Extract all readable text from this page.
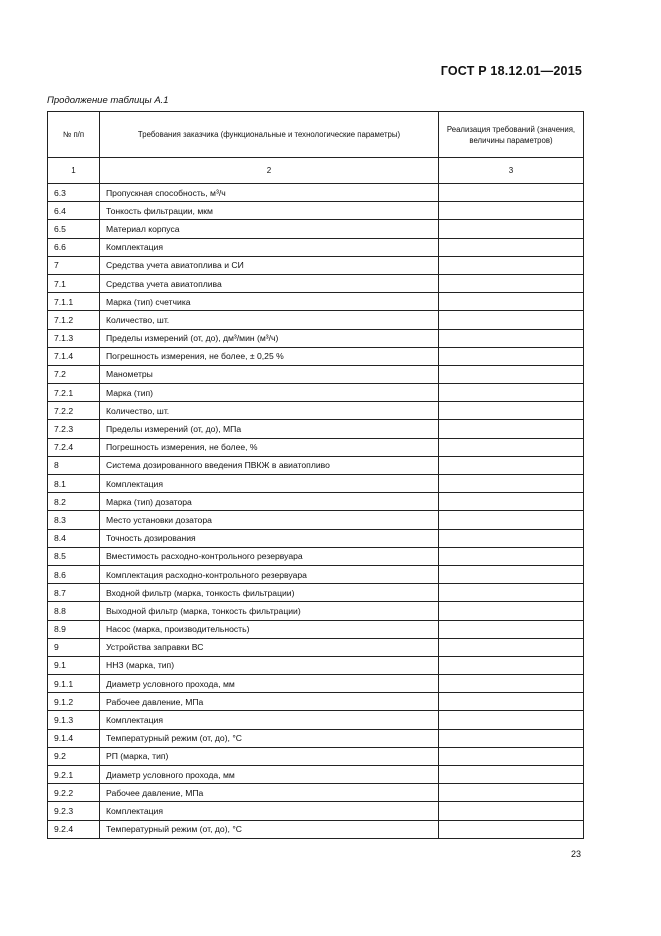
ГОСТ Р 18.12.01—2015
Продолжение таблицы А.1
№ п/п	Требования заказчика (функциональные и технологические параметры)	Реализация требований (значения, величины параметров)
1	2	3
6.3	Пропускная способность, м³/ч	
6.4	Тонкость фильтрации, мкм	
6.5	Материал корпуса	
6.6	Комплектация	
7	Средства учета авиатоплива и СИ	
7.1	Средства учета авиатоплива	
7.1.1	Марка (тип) счетчика	
7.1.2	Количество, шт.	
7.1.3	Пределы измерений (от, до), дм³/мин (м³/ч)	
7.1.4	Погрешность измерения, не более, ± 0,25 %	
7.2	Манометры	
7.2.1	Марка (тип)	
7.2.2	Количество, шт.	
7.2.3	Пределы измерений (от, до), МПа	
7.2.4	Погрешность измерения, не более, %	
8	Система дозированного введения ПВКЖ в авиатопливо	
8.1	Комплектация	
8.2	Марка (тип) дозатора	
8.3	Место установки дозатора	
8.4	Точность дозирования	
8.5	Вместимость расходно-контрольного резервуара	
8.6	Комплектация расходно-контрольного резервуара	
8.7	Входной фильтр (марка, тонкость фильтрации)	
8.8	Выходной фильтр (марка, тонкость фильтрации)	
8.9	Насос (марка, производительность)	
9	Устройства заправки ВС	
9.1	ННЗ (марка, тип)	
9.1.1	Диаметр условного прохода, мм	
9.1.2	Рабочее давление, МПа	
9.1.3	Комплектация	
9.1.4	Температурный режим (от, до), °С	
9.2	РП (марка, тип)	
9.2.1	Диаметр условного прохода, мм	
9.2.2	Рабочее давление, МПа	
9.2.3	Комплектация	
9.2.4	Температурный режим (от, до), °С	
23
